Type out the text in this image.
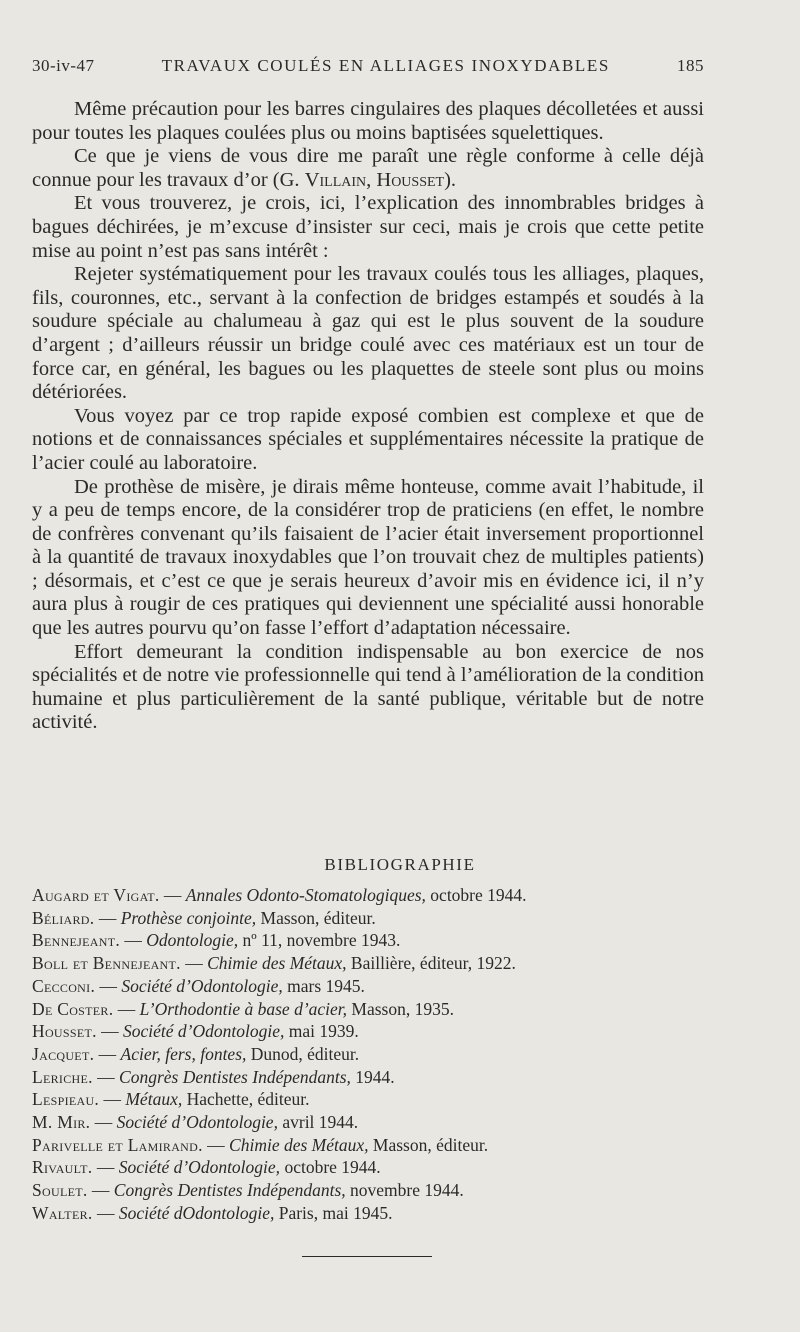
30-iv-47	TRAVAUX COULÉS EN ALLIAGES INOXYDABLES	185

Même précaution pour les barres cingulaires des plaques décolletées et aussi pour toutes les plaques coulées plus ou moins baptisées squelettiques.

Ce que je viens de vous dire me paraît une règle conforme à celle déjà connue pour les travaux d’or (G. Villain, Housset).

Et vous trouverez, je crois, ici, l’explication des innombrables bridges à bagues déchirées, je m’excuse d’insister sur ceci, mais je crois que cette petite mise au point n’est pas sans intérêt :

Rejeter systématiquement pour les travaux coulés tous les alliages, plaques, fils, couronnes, etc., servant à la confection de bridges estampés et soudés à la soudure spéciale au chalumeau à gaz qui est le plus souvent de la soudure d’argent ; d’ailleurs réussir un bridge coulé avec ces matériaux est un tour de force car, en général, les bagues ou les plaquettes de steele sont plus ou moins détériorées.

Vous voyez par ce trop rapide exposé combien est complexe et que de notions et de connaissances spéciales et supplémentaires nécessite la pratique de l’acier coulé au laboratoire.

De prothèse de misère, je dirais même honteuse, comme avait l’habitude, il y a peu de temps encore, de la considérer trop de praticiens (en effet, le nombre de confrères convenant qu’ils faisaient de l’acier était inversement proportionnel à la quantité de travaux inoxydables que l’on trouvait chez de multiples patients) ; désormais, et c’est ce que je serais heureux d’avoir mis en évidence ici, il n’y aura plus à rougir de ces pratiques qui deviennent une spécialité aussi honorable que les autres pourvu qu’on fasse l’effort d’adaptation nécessaire.

Effort demeurant la condition indispensable au bon exercice de nos spécialités et de notre vie professionnelle qui tend à l’amélioration de la condition humaine et plus particulièrement de la santé publique, véritable but de notre activité.

BIBLIOGRAPHIE
Augard et Vigat. — Annales Odonto-Stomatologiques, octobre 1944.
Béliard. — Prothèse conjointe, Masson, éditeur.
Bennejeant. — Odontologie, nº 11, novembre 1943.
Boll et Bennejeant. — Chimie des Métaux, Baillière, éditeur, 1922.
Cecconi. — Société d’Odontologie, mars 1945.
De Coster. — L’Orthodontie à base d’acier, Masson, 1935.
Housset. — Société d’Odontologie, mai 1939.
Jacquet. — Acier, fers, fontes, Dunod, éditeur.
Leriche. — Congrès Dentistes Indépendants, 1944.
Lespieau. — Métaux, Hachette, éditeur.
M. Mir. — Société d’Odontologie, avril 1944.
Parivelle et Lamirand. — Chimie des Métaux, Masson, éditeur.
Rivault. — Société d’Odontologie, octobre 1944.
Soulet. — Congrès Dentistes Indépendants, novembre 1944.
Walter. — Société dOdontologie, Paris, mai 1945.
